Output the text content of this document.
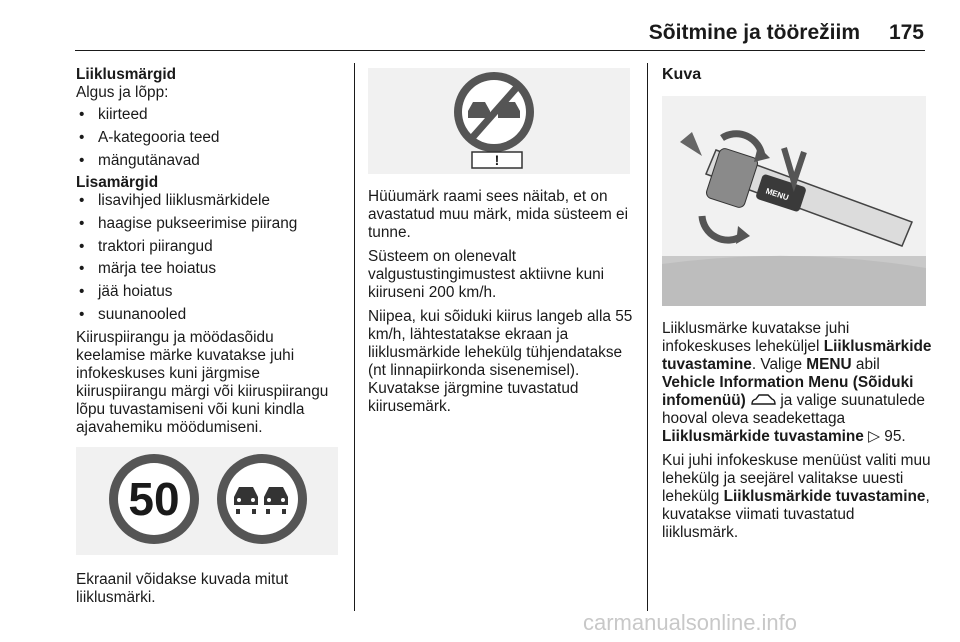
Sõitmine ja töörežiim 175
Liiklusmärgid

Algus ja lõpp:

• kiirteed
• A-kategooria teed
• mängutänavad
Lisamärgid
• lisavihjed liiklusmärkidele
• haagise pukseerimise piirang
• traktori piirangud
• märja tee hoiatus
• jää hoiatus
• suunanooled

Kiiruspiirangu ja möödasõidu keelamise märke kuvatakse juhi infokeskuses kuni järgmise kiiruspiirangu märgi või kiiruspiirangu lõpu tuvastamiseni või kuni kindla ajavahemiku möödumiseni.

50

Ekraanil võidakse kuvada mitut liiklusmärki.

!

Hüüumärk raami sees näitab, et on avastatud muu märk, mida süsteem ei tunne.

Süsteem on olenevalt valgustustingimustest aktiivne kuni kiiruseni 200 km/h.

Niipea, kui sõiduki kiirus langeb alla 55 km/h, lähtestatakse ekraan ja liiklusmärkide lehekülg tühjendatakse (nt linnapiirkonda sisenemisel). Kuvatakse järgmine tuvastatud kiirusemärk.

Kuva
MENU

Liiklusmärke kuvatakse juhi infokeskuses leheküljel Liiklusmärkide tuvastamine. Valige MENU abil Vehicle Information Menu (Sõiduki infomenüü)  ja valige suunatulede hooval oleva seadekettaga Liiklusmärkide tuvastamine ▷ 95.

Kui juhi infokeskuse menüüst valiti muu lehekülg ja seejärel valitakse uuesti lehekülg Liiklusmärkide tuvastamine, kuvatakse viimati tuvastatud liiklusmärk.

carmanualsonline.info
